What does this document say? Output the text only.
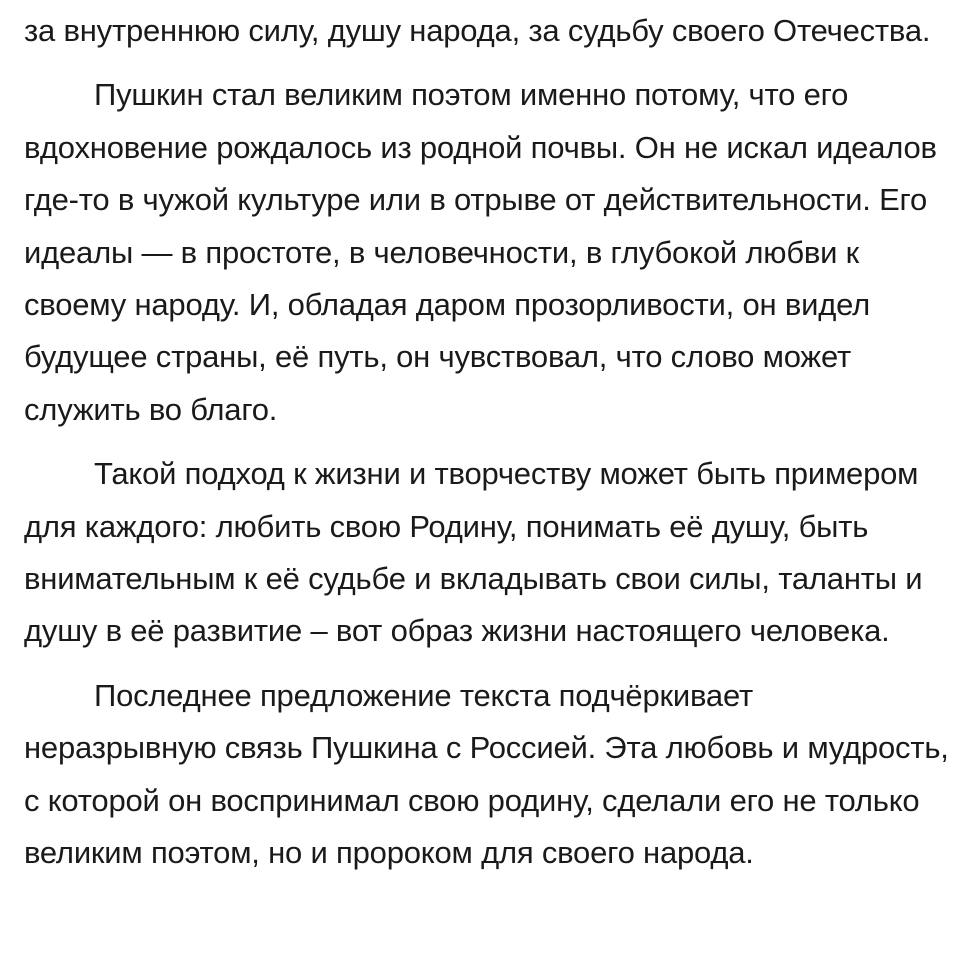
за внутреннюю силу, душу народа, за судьбу своего Отечества.

Пушкин стал великим поэтом именно потому, что его вдохновение рождалось из родной почвы. Он не искал идеалов где-то в чужой культуре или в отрыве от действительности. Его идеалы — в простоте, в человечности, в глубокой любви к своему народу. И, обладая даром прозорливости, он видел будущее страны, её путь, он чувствовал, что слово может служить во благо.

Такой подход к жизни и творчеству может быть примером для каждого: любить свою Родину, понимать её душу, быть внимательным к её судьбе и вкладывать свои силы, таланты и душу в её развитие – вот образ жизни настоящего человека.

Последнее предложение текста подчёркивает неразрывную связь Пушкина с Россией. Эта любовь и мудрость, с которой он воспринимал свою родину, сделали его не только великим поэтом, но и пророком для своего народа.
